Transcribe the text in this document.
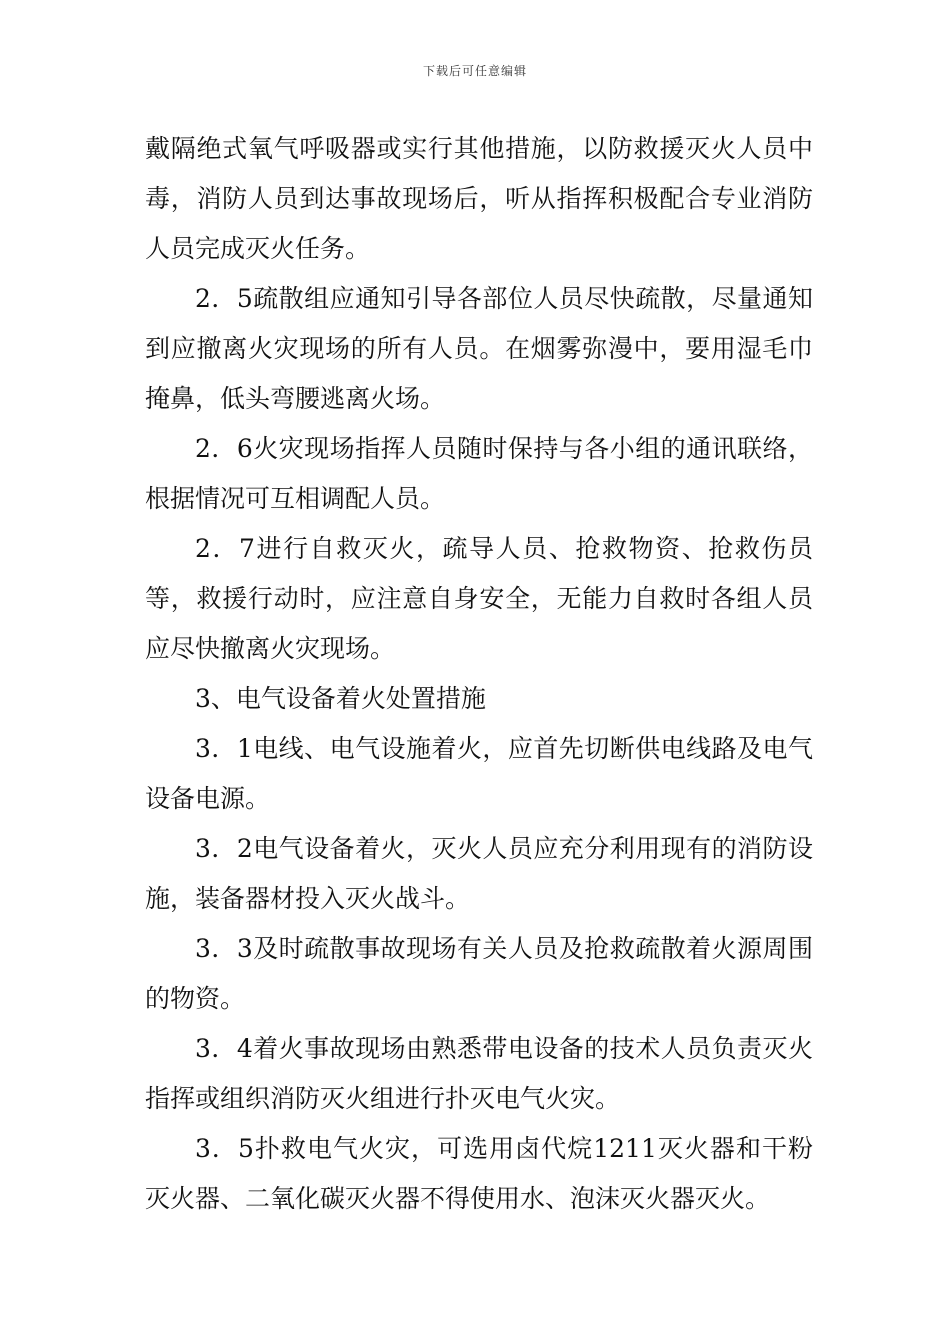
下载后可任意编辑

戴隔绝式氧气呼吸器或实行其他措施，以防救援灭火人员中毒，消防人员到达事故现场后，听从指挥积极配合专业消防人员完成灭火任务。

2．5疏散组应通知引导各部位人员尽快疏散，尽量通知到应撤离火灾现场的所有人员。在烟雾弥漫中，要用湿毛巾掩鼻，低头弯腰逃离火场。

2．6火灾现场指挥人员随时保持与各小组的通讯联络，根据情况可互相调配人员。

2．7进行自救灭火，疏导人员、抢救物资、抢救伤员等，救援行动时，应注意自身安全，无能力自救时各组人员应尽快撤离火灾现场。

3、电气设备着火处置措施

3．1电线、电气设施着火，应首先切断供电线路及电气设备电源。

3．2电气设备着火，灭火人员应充分利用现有的消防设施，装备器材投入灭火战斗。

3．3及时疏散事故现场有关人员及抢救疏散着火源周围的物资。

3．4着火事故现场由熟悉带电设备的技术人员负责灭火指挥或组织消防灭火组进行扑灭电气火灾。

3．5扑救电气火灾，可选用卤代烷1211灭火器和干粉灭火器、二氧化碳灭火器不得使用水、泡沫灭火器灭火。
